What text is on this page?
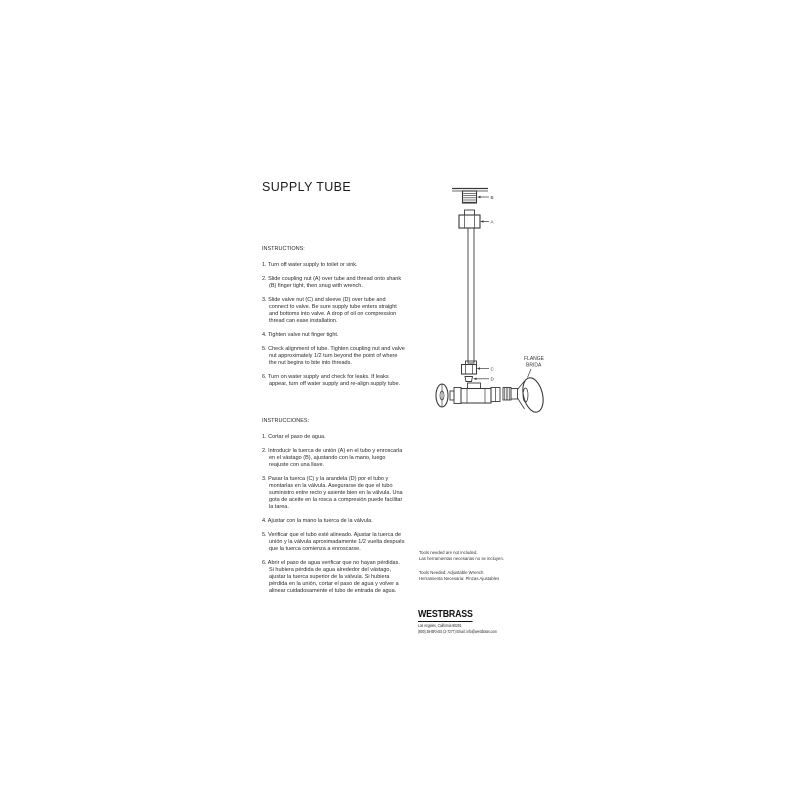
SUPPLY TUBE
INSTRUCTIONS:

1. Turn off water supply to toilet or sink.

2. Slide coupling nut (A) over tube and thread onto shank (B) finger tight, then snug with wrench.

3. Slide valve nut (C) and sleeve (D) over tube and connect to valve. Be sure supply tube enters straight and bottoms into valve. A drop of oil on compression thread can ease installation.

4. Tighten valve nut finger tight.

5. Check alignment of tube. Tighten coupling nut and valve nut approximately 1/2 turn beyond the point of where the nut begins to bite into threads.

6. Turn on water supply and check for leaks. If leaks appear, turn off water supply and re-align supply tube.

INSTRUCCIONES:

1. Cortar el paso de agua.

2. Introducir la tuerca de unión (A) en el tubo y enroscarla en el vástago (B), ajustando con la mano, luego reajuste con una llave.

3. Pasar la tuerca (C) y la arandela (D) por el tubo y montarlas en la válvula. Asegurarse de que el tubo suministro entre recto y asiente bien en la válvula. Una gota de aceite en la rosca a compresión puede facilitar la tarea.

4. Ajustar con la mano la tuerca de la válvula.

5. Verificar que el tubo esté alineado. Ajustar la tuerca de unión y la válvula aproximadamente 1/2 vuelta después que la tuerca comienza a enroscarse.

6. Abrir el paso de agua verificar que no hayan pérdidas. Si hubiera pérdida de agua alrededor del vástago, ajustar la tuerca superior de la válvula. Si hubiera pérdida en la unión, cortar el paso de agua y volver a alinear cuidadosamente el tubo de entrada de agua.

Tools needed are not included.
Las herramientas necesarias no se incluyen.
Tools Needed: Adjustable Wrench
Herramienta Necesaria: Pinzas Ajustables
WESTBRASS
Los Angeles, California 90291
(800) 38-BRASS (2-7277) Email: info@westbrass.com
B
A
C
D
FLANGE
BRIDA
